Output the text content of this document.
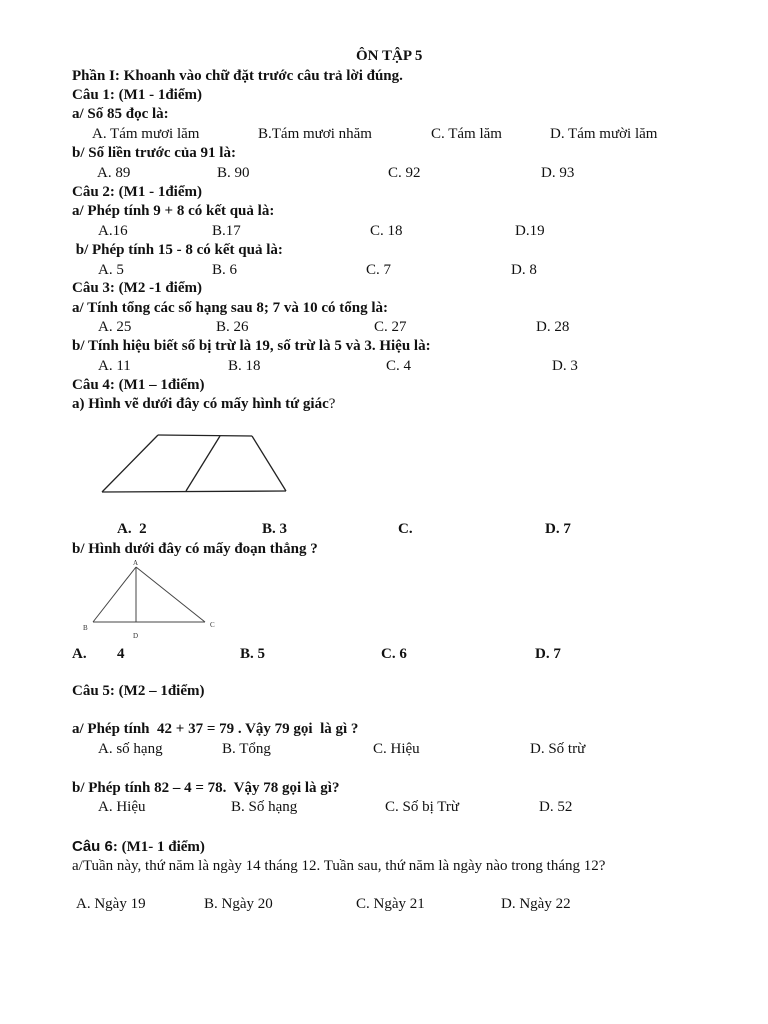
ÔN TẬP 5
Phần I: Khoanh vào chữ đặt trước câu trả lời đúng.
Câu 1: (M1 - 1điểm)
a/ Số 85 đọc là:
A. Tám mươi lăm	B.Tám mươi nhăm	C. Tám lăm	D. Tám mười lăm
b/ Số liền trước của 91 là:
A. 89	B. 90	C. 92	D. 93
Câu 2: (M1 - 1điểm)
a/ Phép tính 9 + 8 có kết quả là:
A.16	B.17	C. 18	D.19
b/ Phép tính 15 - 8 có kết quả là:
A. 5	B. 6	C. 7	D. 8
Câu 3: (M2 -1 điểm)
a/ Tính tổng các số hạng sau 8; 7 và 10 có tổng là:
A. 25	B. 26	C. 27	D. 28
b/ Tính hiệu biết số bị trừ là 19, số trừ là 5 và 3. Hiệu là:
A. 11	B. 18	C. 4	D. 3
Câu 4: (M1 – 1điểm)
a) Hình vẽ dưới đây có mấy hình tứ giác?
A.  2	B. 3	C.	D. 7
b/ Hình dưới đây có mấy đoạn thẳng ?
A
B	C
D
A. 4	B. 5	C. 6	D. 7
Câu 5: (M2 – 1điểm)
a/ Phép tính  42 + 37 = 79 . Vậy 79 gọi  là gì ?
A. số hạng	B. Tổng	C. Hiệu	D. Số trừ
b/ Phép tính 82 – 4 = 78.  Vậy 78 gọi là gì?
A. Hiệu	B. Số hạng	C. Số bị Trừ	D. 52
Câu 6: (M1- 1 điểm)
a/Tuần này, thứ năm là ngày 14 tháng 12. Tuần sau, thứ năm là ngày nào trong tháng 12?
A. Ngày 19	B. Ngày 20	C. Ngày 21	D. Ngày 22
